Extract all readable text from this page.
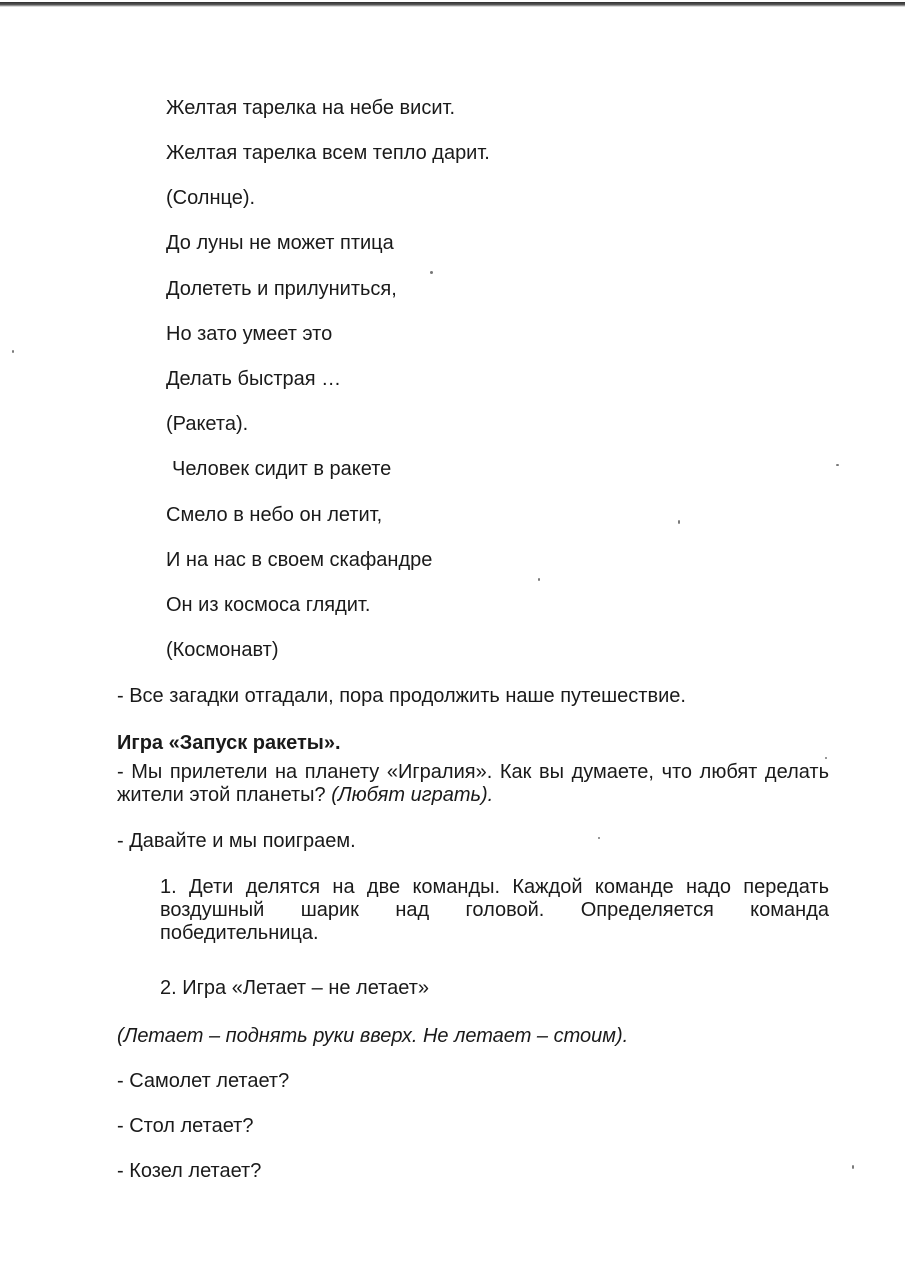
Желтая тарелка на небе висит.

Желтая тарелка всем тепло дарит.

(Солнце).

До луны не может птица

Долететь и прилуниться,

Но зато умеет это

Делать быстрая …

(Ракета).

Человек сидит в ракете

Смело в небо он летит,

И на нас в своем скафандре

Он из космоса глядит.

(Космонавт)

- Все загадки отгадали, пора продолжить наше путешествие.

Игра «Запуск ракеты».

- Мы прилетели на планету «Игралия». Как вы думаете, что любят делать жители этой планеты? (Любят играть).

- Давайте и мы поиграем.

1. Дети делятся на две команды. Каждой команде надо передать воздушный шарик над головой. Определяется команда победительница.

2. Игра «Летает – не летает»

(Летает – поднять руки вверх. Не летает – стоим).

- Самолет летает?

- Стол летает?

- Козел летает?
